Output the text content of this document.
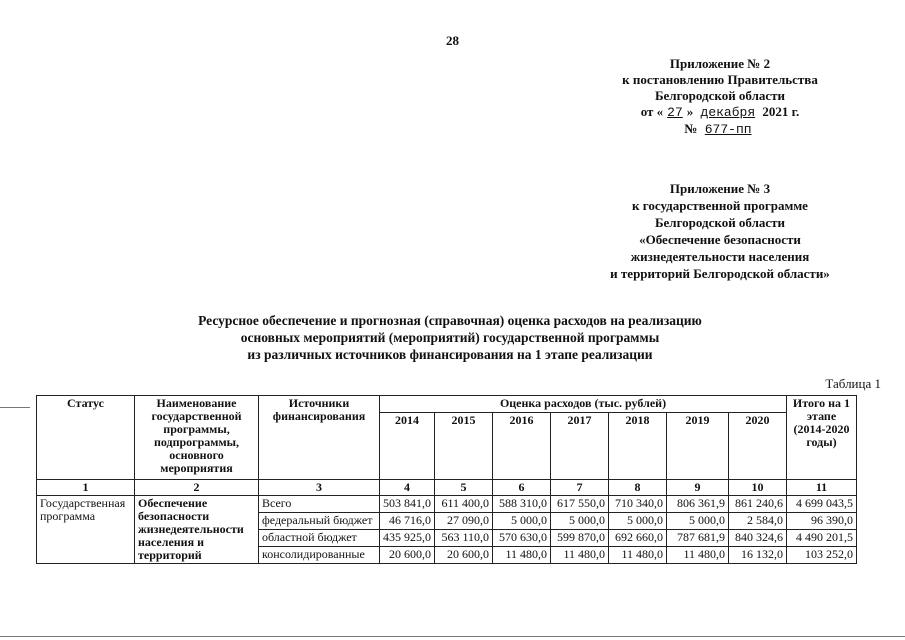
28
Приложение № 2
к постановлению Правительства
Белгородской области
от « 27 » декабря 2021 г.
№ 677-пп
Приложение № 3
к государственной программе
Белгородской области
«Обеспечение безопасности
жизнедеятельности населения
и территорий Белгородской области»
Ресурсное обеспечение и прогнозная (справочная) оценка расходов на реализацию
основных мероприятий (мероприятий) государственной программы
из различных источников финансирования на 1 этапе реализации
Таблица 1
Статус	Наименование государственной программы, подпрограммы, основного мероприятия	Источники финансирования	Оценка расходов (тыс. рублей)							Итого на 1 этапе (2014-2020 годы)
			2014	2015	2016	2017	2018	2019	2020	
1	2	3	4	5	6	7	8	9	10	11
Государственная программа	Обеспечение безопасности жизнедеятельности населения и территорий	Всего	503 841,0	611 400,0	588 310,0	617 550,0	710 340,0	806 361,9	861 240,6	4 699 043,5
		федеральный бюджет	46 716,0	27 090,0	5 000,0	5 000,0	5 000,0	5 000,0	2 584,0	96 390,0
		областной бюджет	435 925,0	563 110,0	570 630,0	599 870,0	692 660,0	787 681,9	840 324,6	4 490 201,5
		консолидированные	20 600,0	20 600,0	11 480,0	11 480,0	11 480,0	11 480,0	16 132,0	103 252,0
